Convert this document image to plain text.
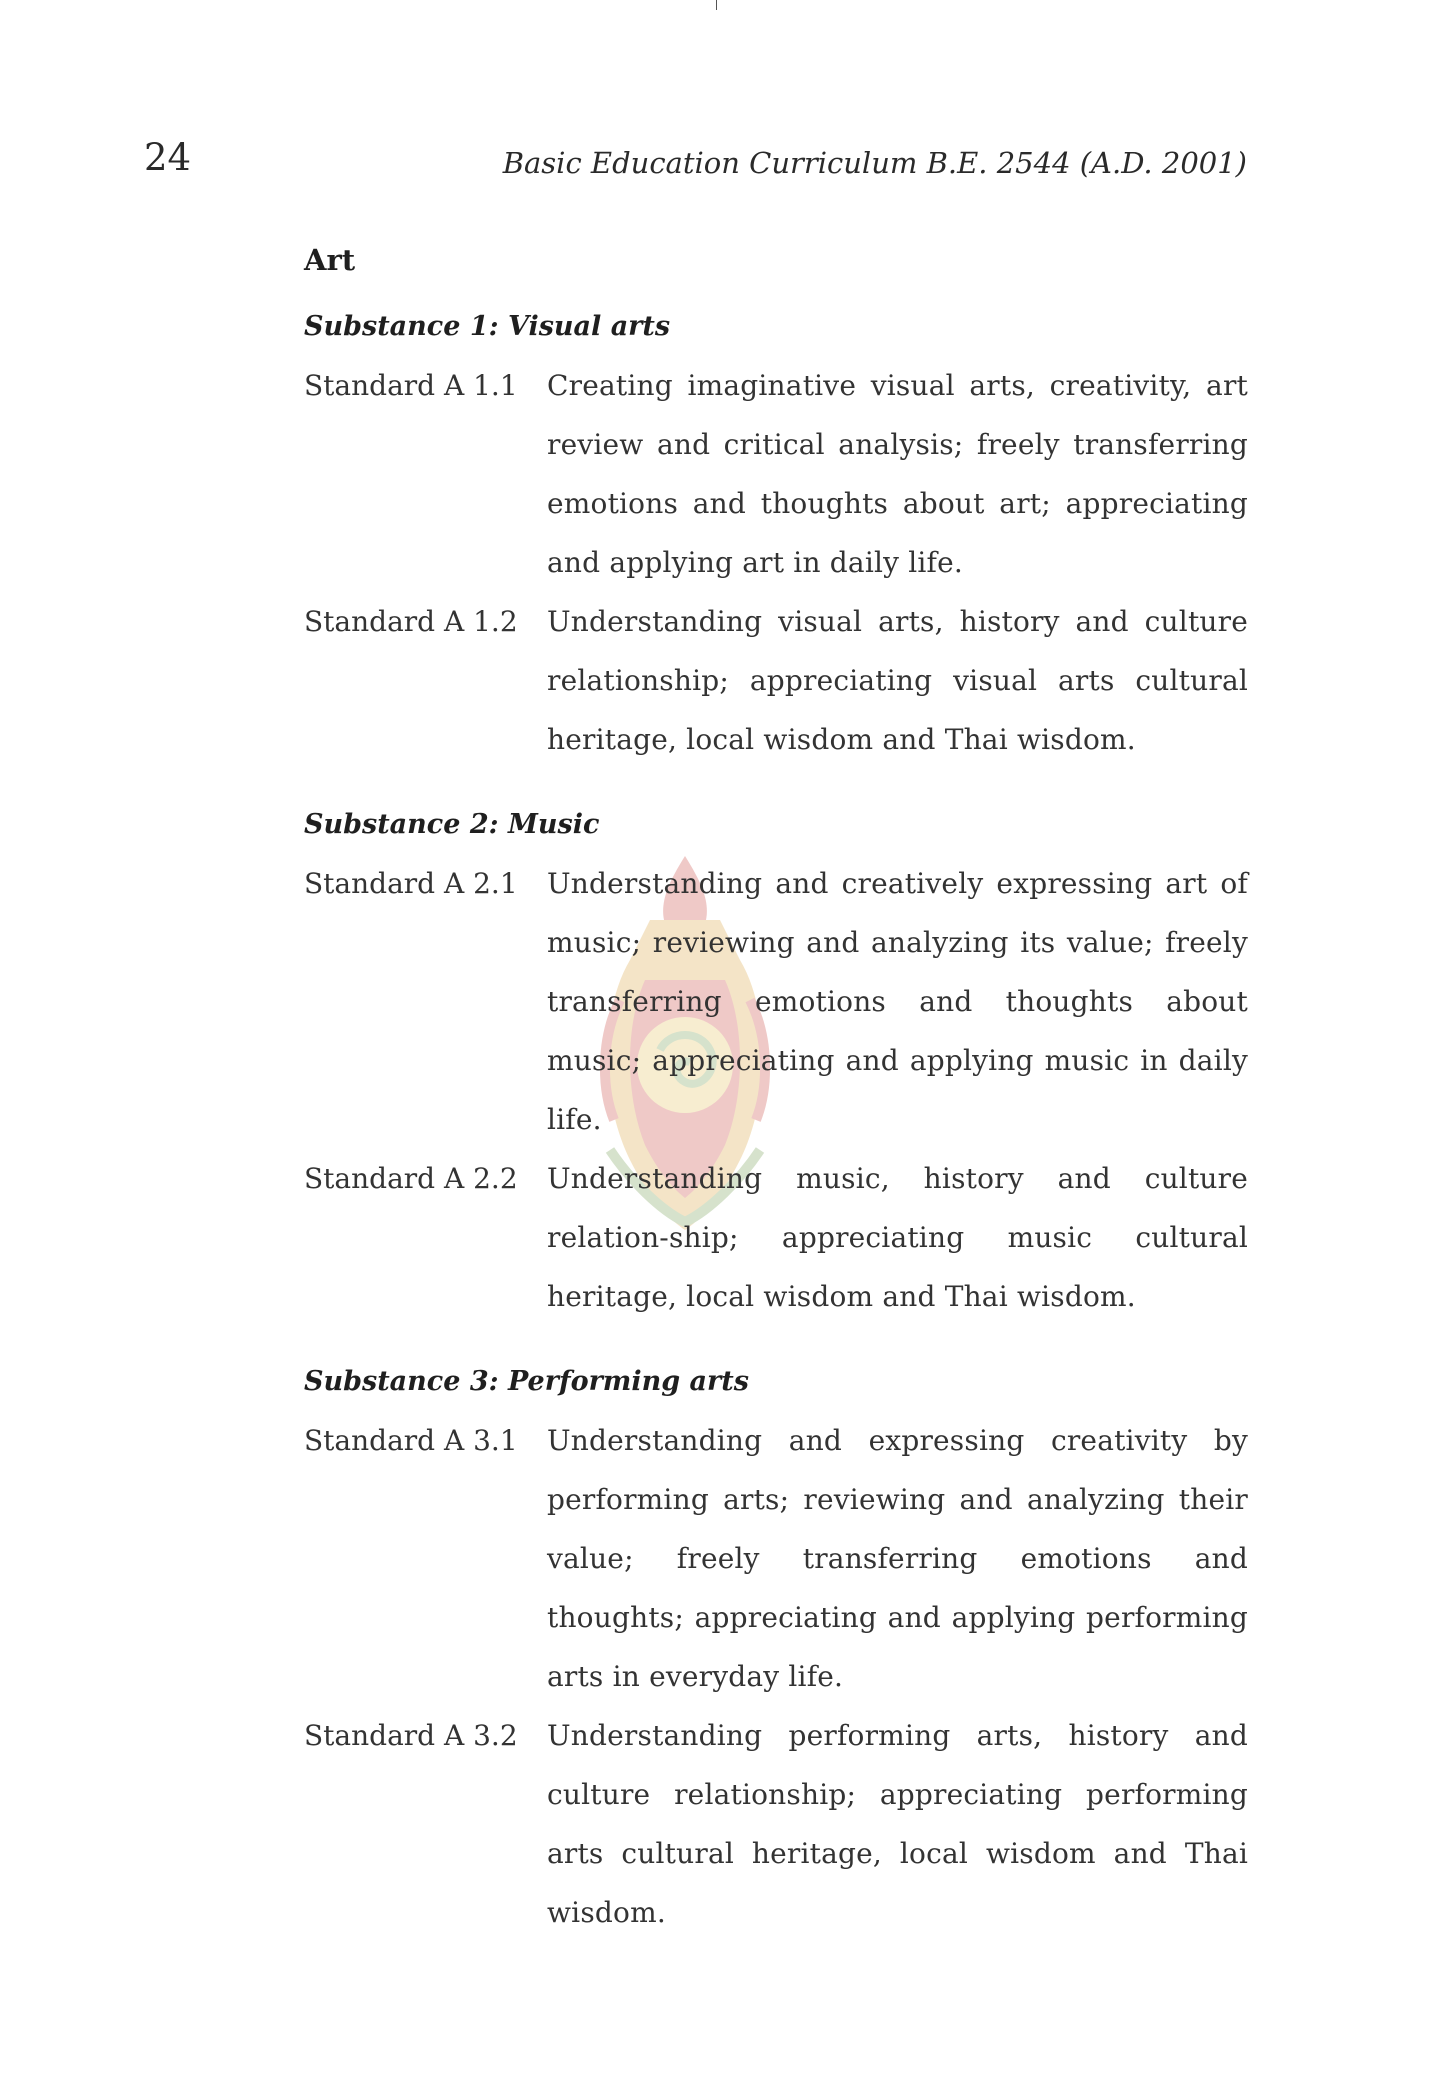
24	Basic Education Curriculum B.E. 2544 (A.D. 2001)
Art
Substance 1: Visual arts
Standard A 1.1	Creating imaginative visual arts, creativity, art review and critical analysis; freely transferring emotions and thoughts about art; appreciating and applying art in daily life.
Standard A 1.2	Understanding visual arts, history and culture relationship; appreciating visual arts cultural heritage, local wisdom and Thai wisdom.
Substance 2: Music
Standard A 2.1	Understanding and creatively expressing art of music; reviewing and analyzing its value; freely transferring emotions and thoughts about music; appreciating and applying music in daily life.
Standard A 2.2	Understanding music, history and culture relation-ship; appreciating music cultural heritage, local wisdom and Thai wisdom.
Substance 3: Performing arts
Standard A 3.1	Understanding and expressing creativity by performing arts; reviewing and analyzing their value; freely transferring emotions and thoughts; appreciating and applying performing arts in everyday life.
Standard A 3.2	Understanding performing arts, history and culture relationship; appreciating performing arts cultural heritage, local wisdom and Thai wisdom.
